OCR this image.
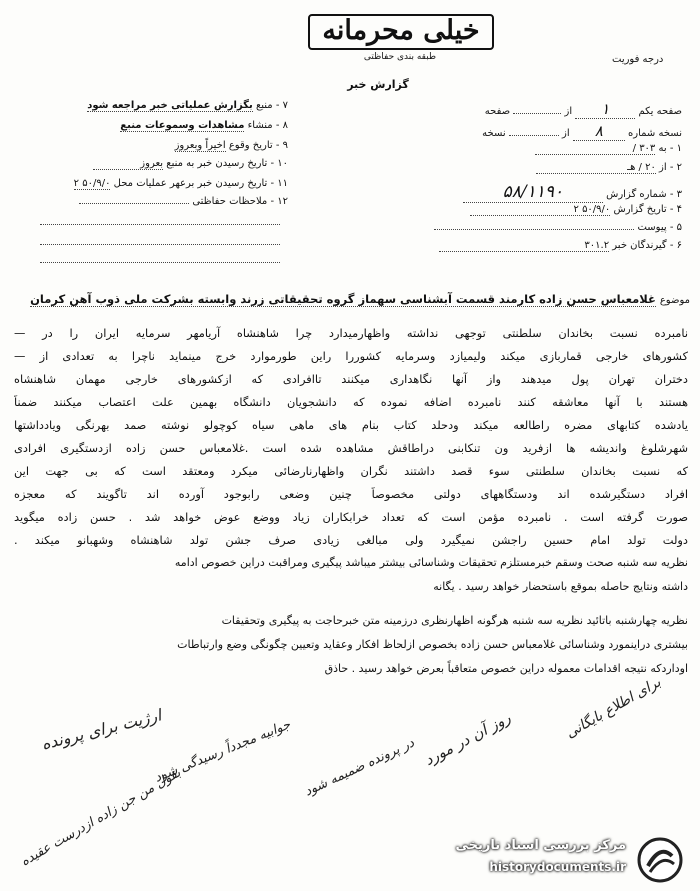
خیلی محرمانه
طبقه بندی حفاظتی	درجه فوریت
گزارش خبر
صفحه یکم ۱ از  صفحه
نسخه شماره ۸ از  نسخه
۱ - به ۳۰۳ /
۲ - از ۲۰ / هـ
۳ - شماره گزارش ۵۸/۱۱۹۰
۴ - تاریخ گزارش ۵۰/۹/۰ ۲
۵ - پیوست
۶ - گیرندگان خبر ۳۰۱.۲
۷ - منبع بگزارش عملیاتی خبر مراجعه شود
۸ - منشاء مشاهدات وسموعات منبع
۹ - تاریخ وقوع اخیراً وبعروز
۱۰ - تاریخ رسیدن خبر به منبع بعروز
۱۱ - تاریخ رسیدن خبر برعهر عملیات محل ۵۰/۹/۰ ۲
۱۲ - ملاحظات حفاظتی
موضوع غلامعباس حسن زاده کارمند قسمت آبشناسی سهماز گروه تحقیقاتی زرند وابسته بشرکت ملی ذوب آهن کرمان
نامبرده نسبت بخاندان سلطنتی توجهی نداشته واظهارمیدارد چرا شاهنشاه آریامهر سرمایه ایران را در —
کشورهای خارجی قماربازی میکند ولیمیازد وسرمایه کشوررا راین طورموارد خرج مینماید ناچرا به تعدادی از —
دختران تهران پول میدهند واز آنها نگاهداری میکنند تاافرادی که ازکشورهای خارجی مهمان شاهنشاه
هستند با آنها معاشقه کنند نامبرده اضافه نموده که دانشجویان دانشگاه بهمین علت اعتصاب میکنند ضمناً
یادشده کتابهای مضره راطالعه میکند ودحلد کتاب بنام های ماهی سیاه کوچولو نوشته صمد بهرنگی ویادداشتها
شهرشلوغ واندیشه ها ازفرید ون تنکابنی دراطاقش مشاهده شده است .غلامعباس حسن زاده ازدستگیری افرادی
که نسبت بخاندان سلطنتی سوء قصد داشتند نگران واظهارنارضائی میکرد ومعتقد است که بی جهت این
افراد دستگیرشده اند ودستگاههای دولتی مخصوصاً چنین وضعی رابوجود آورده اند تاگویند که معجزه
صورت گرفته است . نامبرده مؤمن است که تعداد خرابکاران زیاد ووضع عوض خواهد شد . حسن زاده میگوید
دولت تولد امام حسین راجشن نمیگیرد ولی مبالغی زیادی صرف جشن تولد شاهنشاه وشهبانو میکند .
نظریه سه شنبه صحت وسقم خبرمستلزم تحقیقات وشناسائی بیشتر میباشد پیگیری ومراقبت دراین خصوص ادامه
داشته ونتایج حاصله بموقع باستحضار خواهد رسید . یگانه
نظریه چهارشنبه باتائید نظریه سه شنبه هرگونه اظهارنظری درزمینه متن خبرحاجت به پیگیری وتحقیقات
بیشتری دراینمورد وشناسائی غلامعباس حسن زاده بخصوص ازلحاظ افکار وعقاید وتعیین چگونگی وضع وارتباطات
اوداردکه نتیجه اقدامات معموله دراین خصوص متعاقباً بعرض خواهد رسید . حاذق
ارژیت برای پرونده
جوابیه مجدداً رسیدگی شود
بقول من جن زاده ازدرست عقیده	در پرونده ضمیمه شود روز آن در مورد	برای اطلاع بایگانی
مرکز بررسی اسناد تاریخی
historydocuments.ir
